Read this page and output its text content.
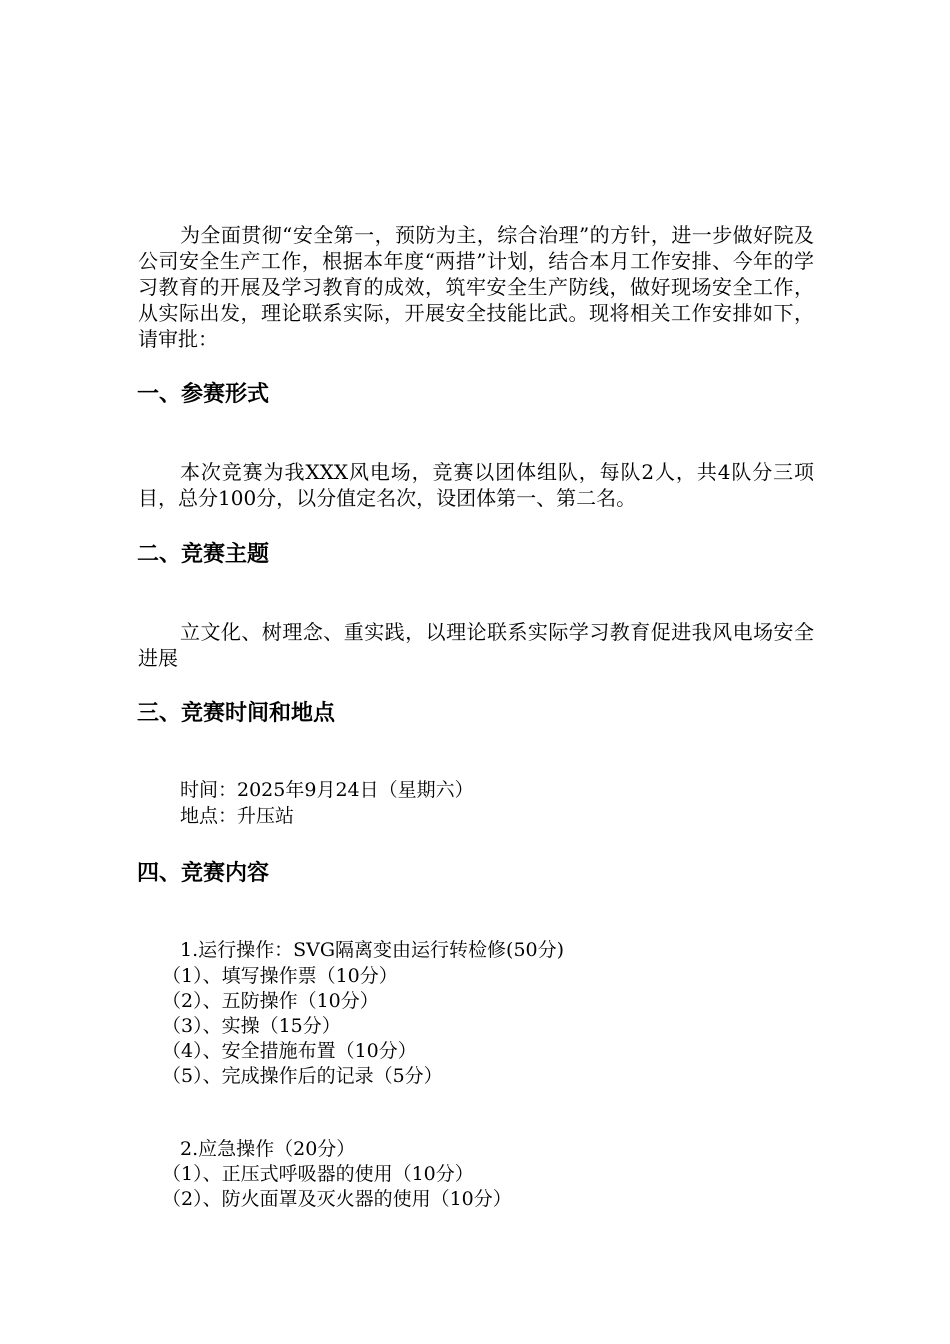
为全面贯彻“安全第一，预防为主，综合治理”的方针，进一步做好院及公司安全生产工作，根据本年度“两措”计划，结合本月工作安排、今年的学习教育的开展及学习教育的成效，筑牢安全生产防线，做好现场安全工作，从实际出发，理论联系实际，开展安全技能比武。现将相关工作安排如下，请审批：

一、参赛形式

本次竞赛为我XXX风电场，竞赛以团体组队，每队2人，共4队分三项目，总分100分，以分值定名次，设团体第一、第二名。

二、竞赛主题

立文化、树理念、重实践，以理论联系实际学习教育促进我风电场安全进展

三、竞赛时间和地点

时间：2025年9月24日（星期六）

地点：升压站

四、竞赛内容

1.运行操作：SVG隔离变由运行转检修(50分)

（1）、填写操作票（10分）

（2）、五防操作（10分）

（3）、实操（15分）

（4）、安全措施布置（10分）

（5）、完成操作后的记录（5分）

2.应急操作（20分）

（1）、正压式呼吸器的使用（10分）

（2）、防火面罩及灭火器的使用（10分）
